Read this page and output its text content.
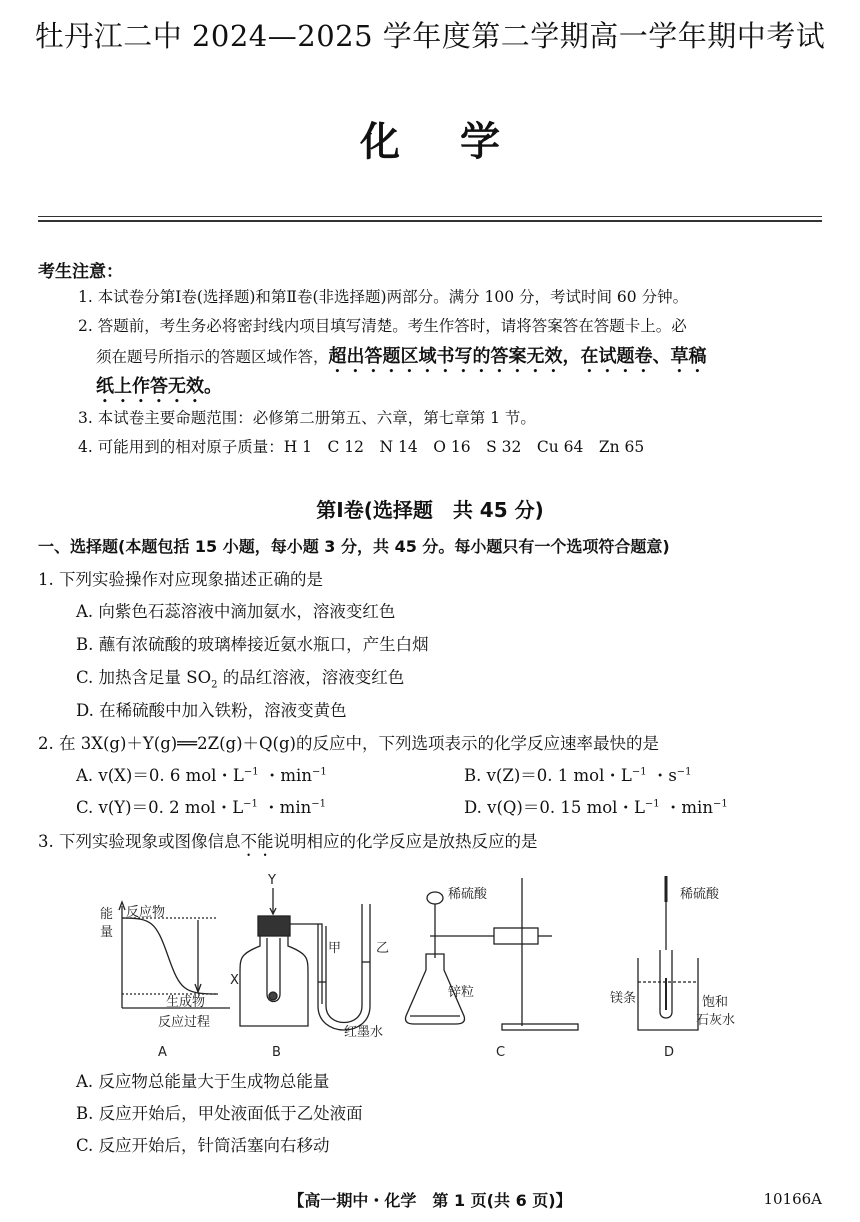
牡丹江二中 2024—2025 学年度第二学期高一学年期中考试
化学
考生注意：
1. 本试卷分第Ⅰ卷(选择题)和第Ⅱ卷(非选择题)两部分。满分 100 分，考试时间 60 分钟。
2. 答题前，考生务必将密封线内项目填写清楚。考生作答时，请将答案答在答题卡上。必
须在题号所指示的答题区域作答，超出答题区域书写的答案无效，在试题卷、草稿
纸上作答无效。
3. 本试卷主要命题范围：必修第二册第五、六章，第七章第 1 节。
4. 可能用到的相对原子质量：H 1　C 12　N 14　O 16　S 32　Cu 64　Zn 65
第Ⅰ卷(选择题　共 45 分)
一、选择题(本题包括 15 小题，每小题 3 分，共 45 分。每小题只有一个选项符合题意)
1. 下列实验操作对应现象描述正确的是
A. 向紫色石蕊溶液中滴加氨水，溶液变红色
B. 蘸有浓硫酸的玻璃棒接近氨水瓶口，产生白烟
C. 加热含足量 $SO_2$ 的品红溶液，溶液变红色
D. 在稀硫酸中加入铁粉，溶液变黄色
2. 在 3X(g)＋Y(g)══2Z(g)＋Q(g)的反应中，下列选项表示的化学反应速率最快的是
A. v(X)＝0. 6 mol・$L^{-1}$ ・$\min^{-1}$	B. v(Z)＝0. 1 mol・$L^{-1}$ ・$s^{-1}$
C. v(Y)＝0. 2 mol・$L^{-1}$ ・$\min^{-1}$	D. v(Q)＝0. 15 mol・$L^{-1}$ ・$\min^{-1}$
3. 下列实验现象或图像信息不能说明相应的化学反应是放热反应的是
能
量
反应物
生成物
反应过程
A
Y
X
甲	乙
红墨水
B
稀硫酸
锌粒
C
稀硫酸
镁条	饱和
石灰水
D
A. 反应物总能量大于生成物总能量
B. 反应开始后，甲处液面低于乙处液面
C. 反应开始后，针筒活塞向右移动
【高一期中・化学　第 1 页(共 6 页)】	10166A
